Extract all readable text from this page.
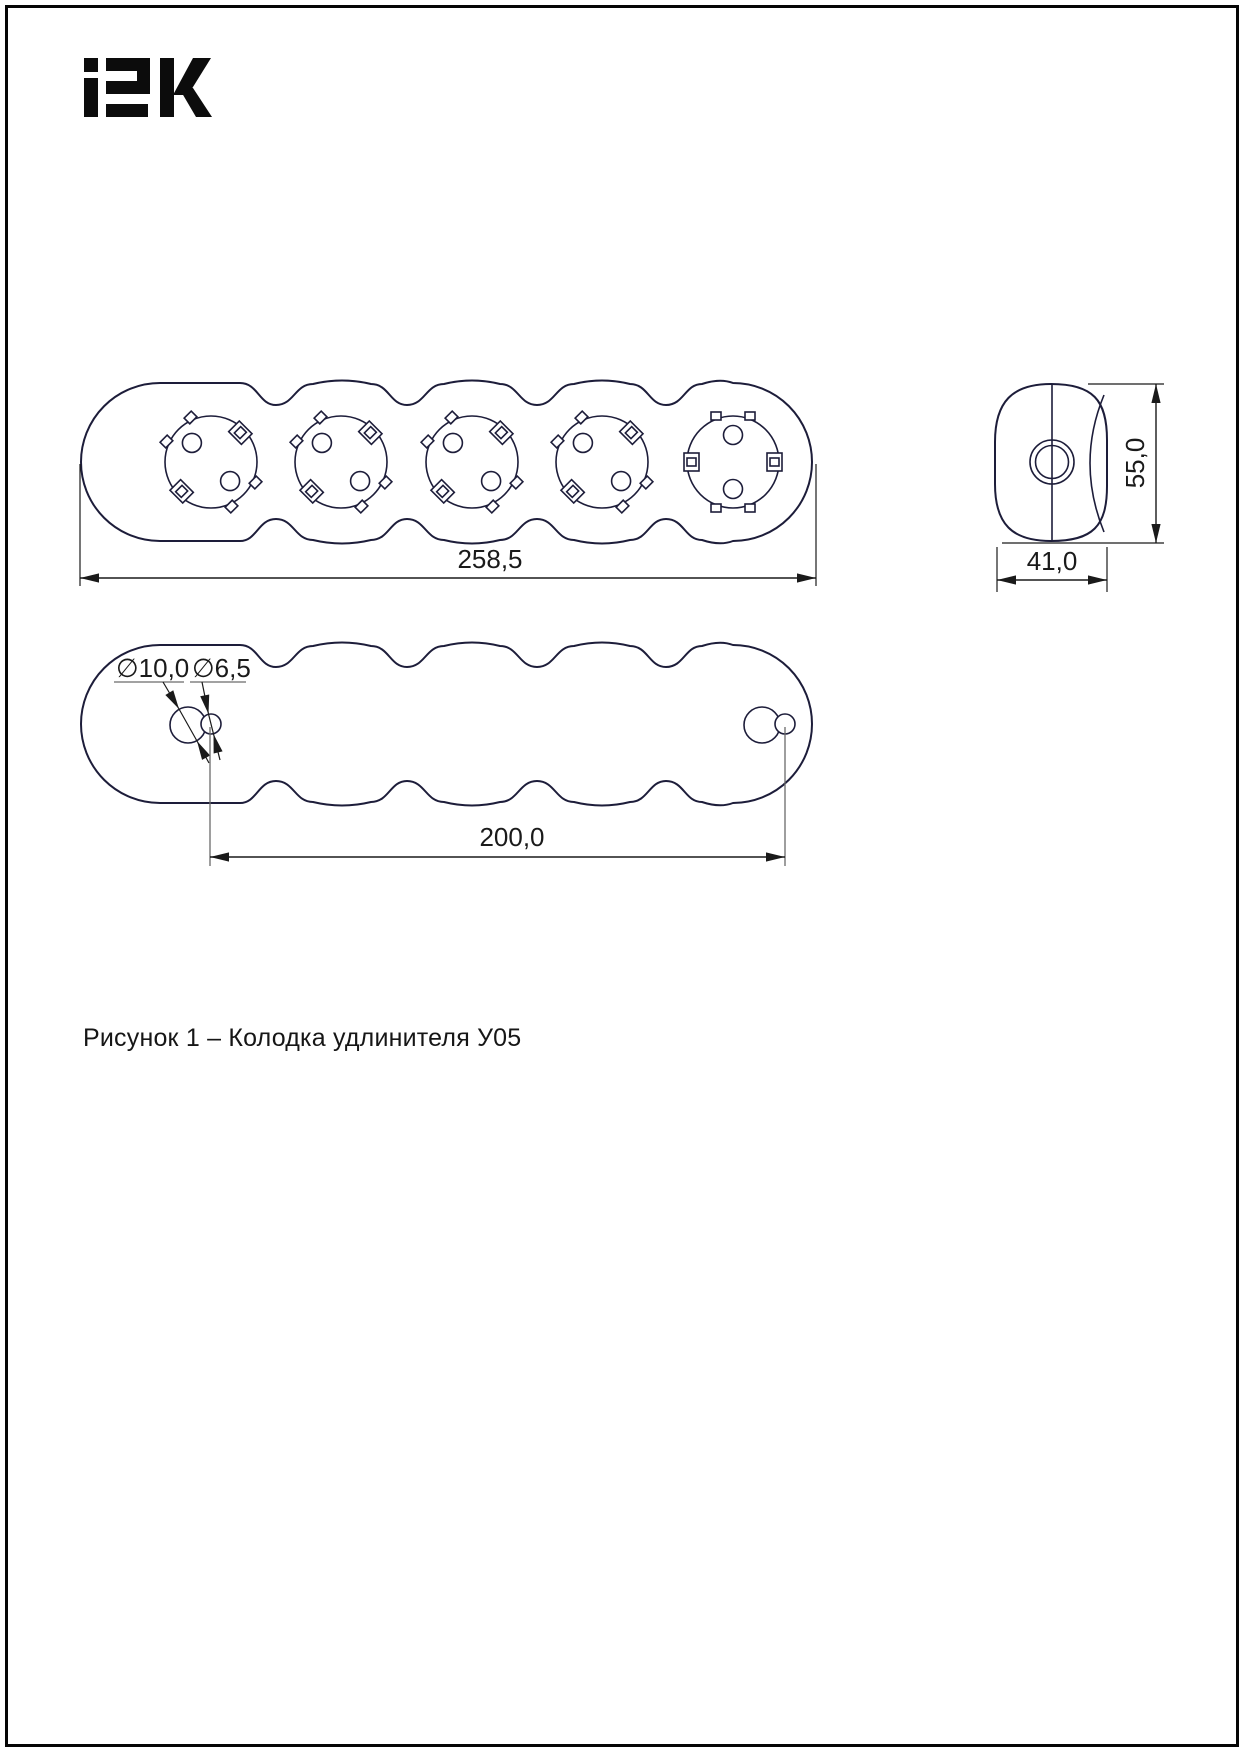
258,5
55,0
41,0
∅10,0 ∅6,5
200,0
Рисунок 1 – Колодка удлинителя У05
